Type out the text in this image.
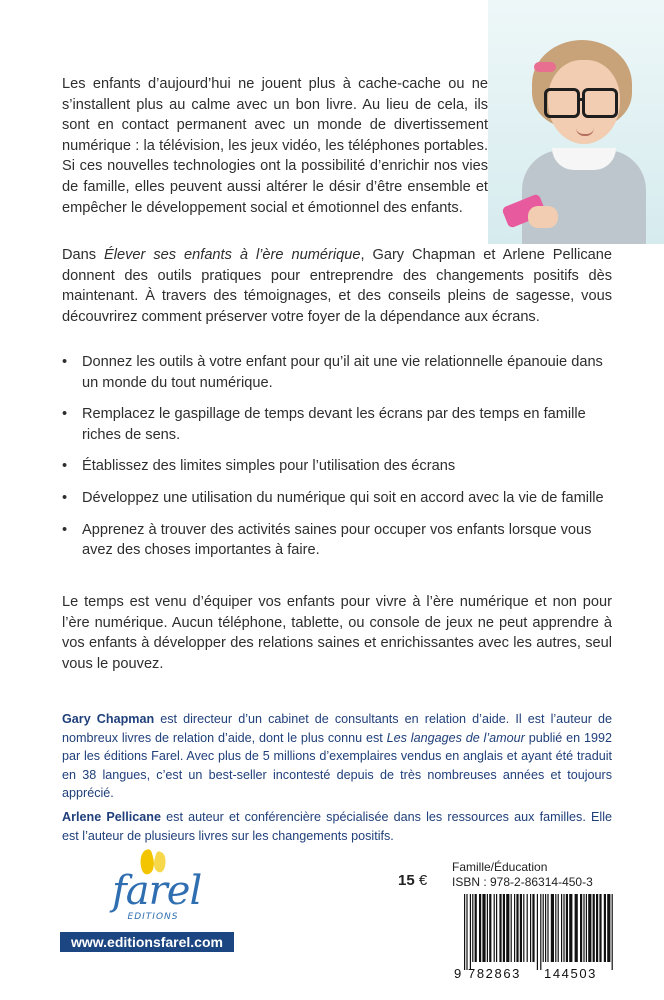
Les enfants d’aujourd’hui ne jouent plus à cache-cache ou ne s’installent plus au calme avec un bon livre. Au lieu de cela, ils sont en contact permanent avec un monde de divertissement numérique : la télévision, les jeux vidéo, les téléphones portables. Si ces nouvelles technologies ont la possibilité d’enrichir nos vies de famille, elles peuvent aussi altérer le désir d’être ensemble et empêcher le développement social et émotionnel des enfants.

Dans Élever ses enfants à l’ère numérique, Gary Chapman et Arlene Pellicane donnent des outils pratiques pour entreprendre des changements positifs dès maintenant. À travers des témoignages, et des conseils pleins de sagesse, vous découvrirez comment préserver votre foyer de la dépendance aux écrans.

• Donnez les outils à votre enfant pour qu’il ait une vie relationnelle épanouie dans un monde du tout numérique.
• Remplacez le gaspillage de temps devant les écrans par des temps en famille riches de sens.
• Établissez des limites simples pour l’utilisation des écrans
• Développez une utilisation du numérique qui soit en accord avec la vie de famille
• Apprenez à trouver des activités saines pour occuper vos enfants lorsque vous avez des choses importantes à faire.

Le temps est venu d’équiper vos enfants pour vivre à l’ère numérique et non pour l’ère numérique. Aucun téléphone, tablette, ou console de jeux ne peut apprendre à vos enfants à développer des relations saines et enrichissantes avec les autres, seul vous le pouvez.

Gary Chapman est directeur d’un cabinet de consultants en relation d’aide. Il est l’auteur de nombreux livres de relation d’aide, dont le plus connu est Les langages de l’amour publié en 1992 par les éditions Farel. Avec plus de 5 millions d’exemplaires vendus en anglais et ayant été traduit en 38 langues, c’est un best-seller incontesté depuis de très nombreuses années et toujours apprécié.
Arlene Pellicane est auteur et conférencière spécialisée dans les ressources aux familles. Elle est l’auteur de plusieurs livres sur les changements positifs.
farel
EDITIONS
www.editionsfarel.com
15 €
Famille/Éducation
ISBN : 978-2-86314-450-3
9 782863 144503
